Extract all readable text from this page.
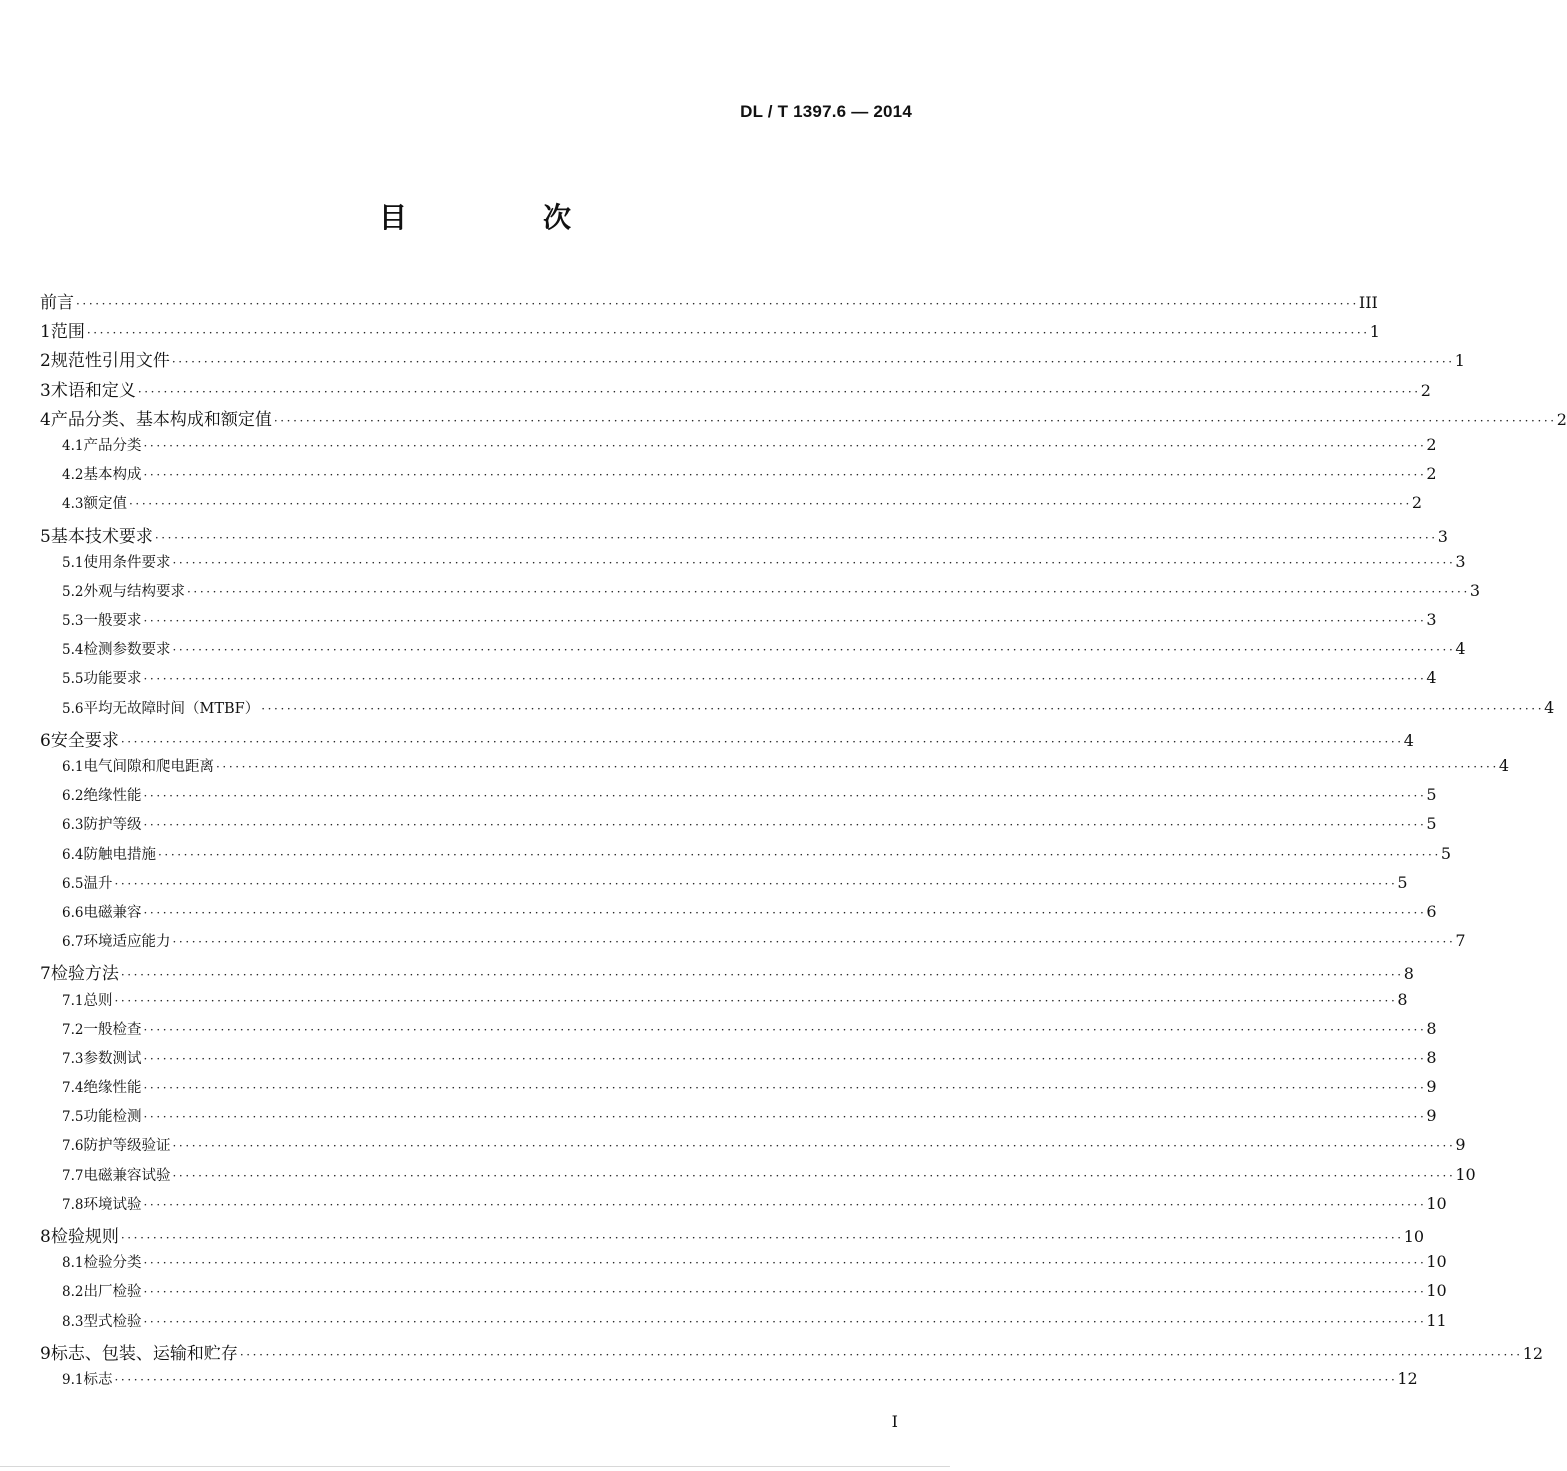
DL / T 1397.6 — 2014
目　次
前言 ········································································································································································································ III
1 范围 ········································································································································································································ 1
2 规范性引用文件 ········································································································································································································ 1
3 术语和定义 ········································································································································································································ 2
4 产品分类、基本构成和额定值 ········································································································································································································ 2
4.1 产品分类 ········································································································································································································ 2
4.2 基本构成 ········································································································································································································ 2
4.3 额定值 ········································································································································································································ 2
5 基本技术要求 ········································································································································································································ 3
5.1 使用条件要求 ········································································································································································································ 3
5.2 外观与结构要求 ········································································································································································································ 3
5.3 一般要求 ········································································································································································································ 3
5.4 检测参数要求 ········································································································································································································ 4
5.5 功能要求 ········································································································································································································ 4
5.6 平均无故障时间（MTBF） ········································································································································································································ 4
6 安全要求 ········································································································································································································ 4
6.1 电气间隙和爬电距离 ········································································································································································································ 4
6.2 绝缘性能 ········································································································································································································ 5
6.3 防护等级 ········································································································································································································ 5
6.4 防触电措施 ········································································································································································································ 5
6.5 温升 ········································································································································································································ 5
6.6 电磁兼容 ········································································································································································································ 6
6.7 环境适应能力 ········································································································································································································ 7
7 检验方法 ········································································································································································································ 8
7.1 总则 ········································································································································································································ 8
7.2 一般检查 ········································································································································································································ 8
7.3 参数测试 ········································································································································································································ 8
7.4 绝缘性能 ········································································································································································································ 9
7.5 功能检测 ········································································································································································································ 9
7.6 防护等级验证 ········································································································································································································ 9
7.7 电磁兼容试验 ········································································································································································································ 10
7.8 环境试验 ········································································································································································································ 10
8 检验规则 ········································································································································································································ 10
8.1 检验分类 ········································································································································································································ 10
8.2 出厂检验 ········································································································································································································ 10
8.3 型式检验 ········································································································································································································ 11
9 标志、包装、运输和贮存 ········································································································································································································ 12
9.1 标志 ········································································································································································································ 12
I
